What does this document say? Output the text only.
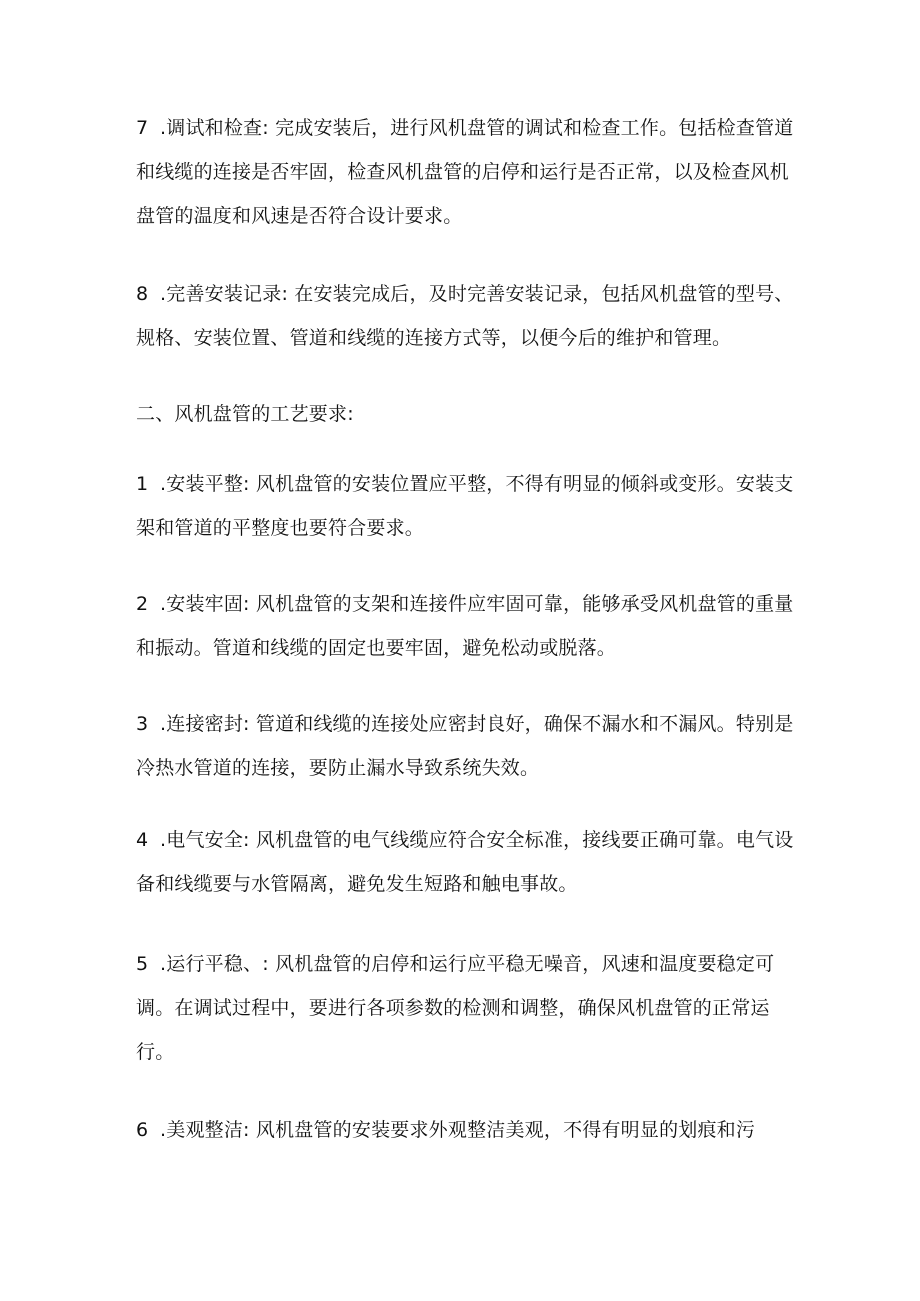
7 .调试和检查: 完成安装后，进行风机盘管的调试和检查工作。包括检查管道和线缆的连接是否牢固，检查风机盘管的启停和运行是否正常，以及检查风机盘管的温度和风速是否符合设计要求。

8 .完善安装记录: 在安装完成后，及时完善安装记录，包括风机盘管的型号、规格、安装位置、管道和线缆的连接方式等，以便今后的维护和管理。

二、风机盘管的工艺要求:

1 .安装平整: 风机盘管的安装位置应平整，不得有明显的倾斜或变形。安装支架和管道的平整度也要符合要求。

2 .安装牢固: 风机盘管的支架和连接件应牢固可靠，能够承受风机盘管的重量和振动。管道和线缆的固定也要牢固，避免松动或脱落。

3 .连接密封: 管道和线缆的连接处应密封良好，确保不漏水和不漏风。特别是冷热水管道的连接，要防止漏水导致系统失效。

4 .电气安全: 风机盘管的电气线缆应符合安全标准，接线要正确可靠。电气设备和线缆要与水管隔离，避免发生短路和触电事故。

5 .运行平稳、: 风机盘管的启停和运行应平稳无噪音，风速和温度要稳定可调。在调试过程中，要进行各项参数的检测和调整，确保风机盘管的正常运行。

6 .美观整洁: 风机盘管的安装要求外观整洁美观，不得有明显的划痕和污
